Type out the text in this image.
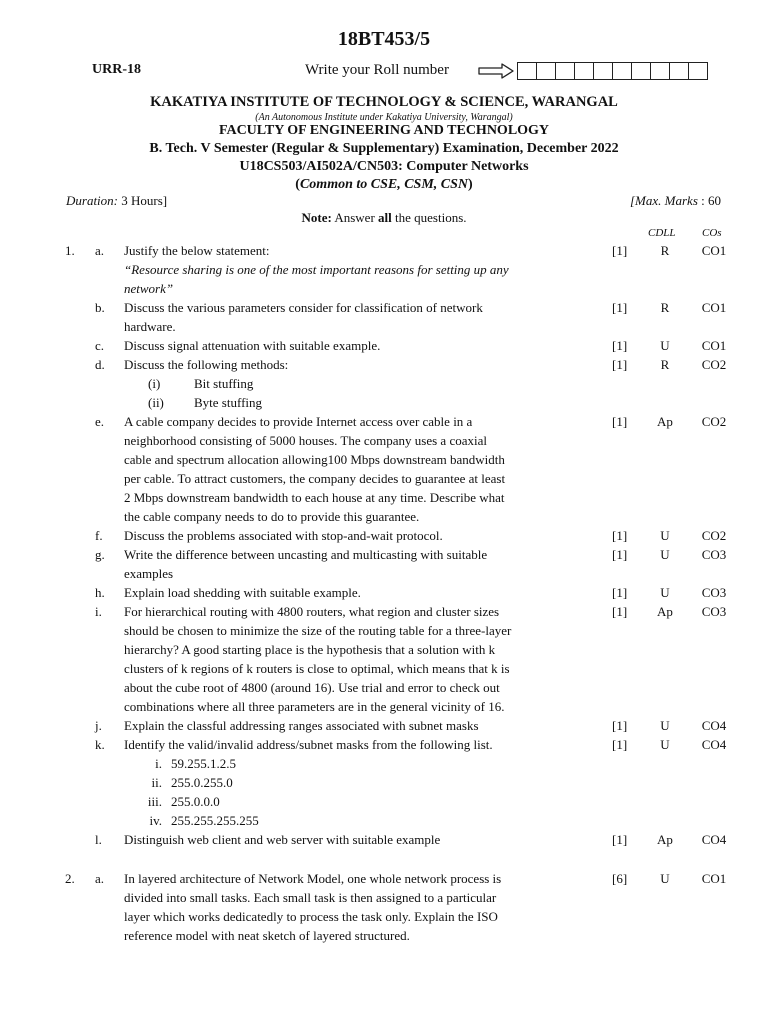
18BT453/5
URR-18	Write your Roll number
KAKATIYA INSTITUTE OF TECHNOLOGY & SCIENCE, WARANGAL
(An Autonomous Institute under Kakatiya University, Warangal)
FACULTY OF ENGINEERING AND TECHNOLOGY
B. Tech. V Semester (Regular & Supplementary) Examination, December 2022
U18CS503/AI502A/CN503: Computer Networks
(Common to CSE, CSM, CSN)
Duration: 3 Hours]	[Max. Marks : 60
Note: Answer all the questions.
CDLL COs
1. a. Justify the below statement:
“Resource sharing is one of the most important reasons for setting up any
network”
[1]	R	CO1
b. Discuss the various parameters consider for classification of network
hardware.
[1]	R	CO1
c. Discuss signal attenuation with suitable example.	[1]	U	CO1
d. Discuss the following methods:	[1]	R	CO2
(i)	Bit stuffing
(ii) Byte stuffing
e. A cable company decides to provide Internet access over cable in a
neighborhood consisting of 5000 houses. The company uses a coaxial
cable and spectrum allocation allowing100 Mbps downstream bandwidth
per cable. To attract customers, the company decides to guarantee at least
2 Mbps downstream bandwidth to each house at any time. Describe what
the cable company needs to do to provide this guarantee.
[1]	Ap	CO2
f. Discuss the problems associated with stop-and-wait protocol.	[1]	U	CO2
g. Write the difference between uncasting and multicasting with suitable
examples
[1]	U	CO3
h. Explain load shedding with suitable example.	[1]	U	CO3
i. For hierarchical routing with 4800 routers, what region and cluster sizes
should be chosen to minimize the size of the routing table for a three-layer
hierarchy? A good starting place is the hypothesis that a solution with k
clusters of k regions of k routers is close to optimal, which means that k is
about the cube root of 4800 (around 16). Use trial and error to check out
combinations where all three parameters are in the general vicinity of 16.
[1]	Ap	CO3
j. Explain the classful addressing ranges associated with subnet masks	[1]	U	CO4
k. Identify the valid/invalid address/subnet masks from the following list.	[1]	U	CO4
i. 59.255.1.2.5
ii. 255.0.255.0
iii. 255.0.0.0
iv. 255.255.255.255
l. Distinguish web client and web server with suitable example	[1]	Ap	CO4
2. a. In layered architecture of Network Model, one whole network process is
divided into small tasks. Each small task is then assigned to a particular
layer which works dedicatedly to process the task only. Explain the ISO
reference model with neat sketch of layered structured.
[6]	U	CO1
